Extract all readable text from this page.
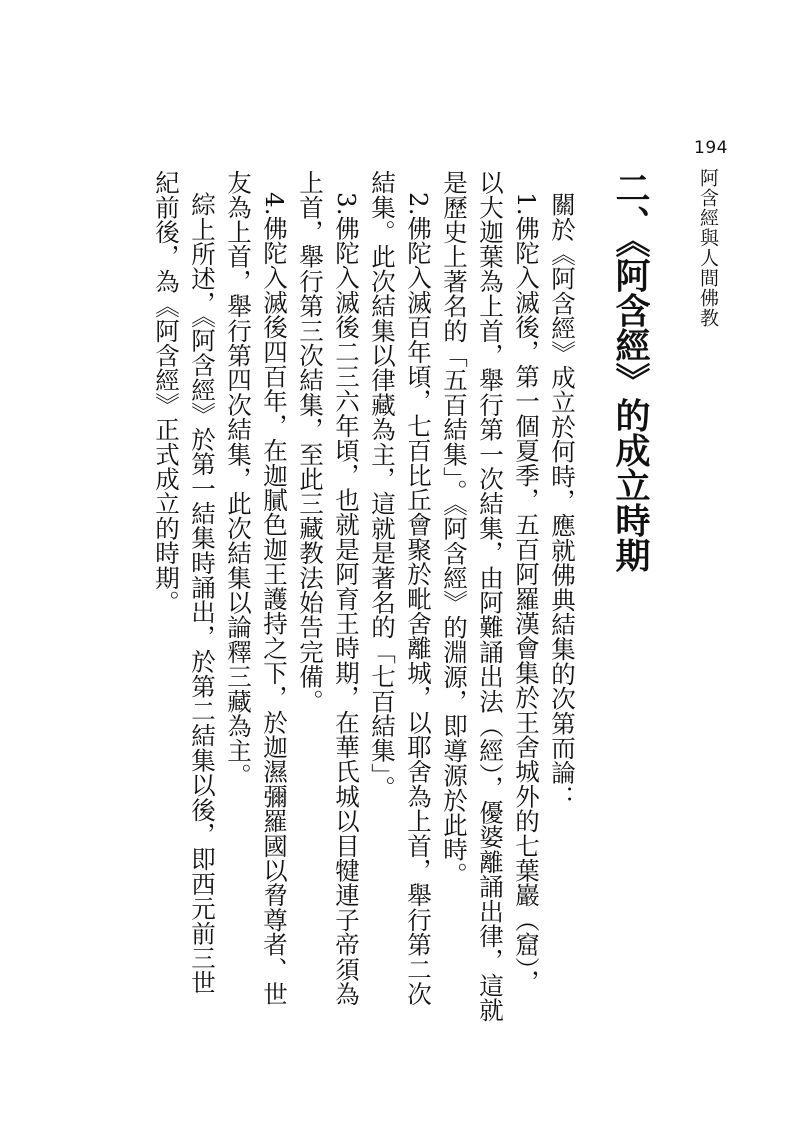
194
阿含經與人間佛教
二、《阿含經》的成立時期
關於《阿含經》成立於何時，應就佛典結集的次第而論：
1.佛陀入滅後，第一個夏季，五百阿羅漢會集於王舍城外的七葉巖（窟），
以大迦葉為上首，舉行第一次結集，由阿難誦出法（經），優婆離誦出律，這就
是歷史上著名的「五百結集」。《阿含經》的淵源，即導源於此時。
2.佛陀入滅百年頃，七百比丘會聚於毗舍離城，以耶舍為上首，舉行第二次
結集。此次結集以律藏為主，這就是著名的「七百結集」。
3.佛陀入滅後二三六年頃，也就是阿育王時期，在華氏城以目犍連子帝須為
上首，舉行第三次結集，至此三藏教法始告完備。
4.佛陀入滅後四百年，在迦膩色迦王護持之下，於迦濕彌羅國以脅尊者、世
友為上首，舉行第四次結集，此次結集以論釋三藏為主。
綜上所述，《阿含經》於第一結集時誦出，於第二結集以後，即西元前三世
紀前後，為《阿含經》正式成立的時期。
